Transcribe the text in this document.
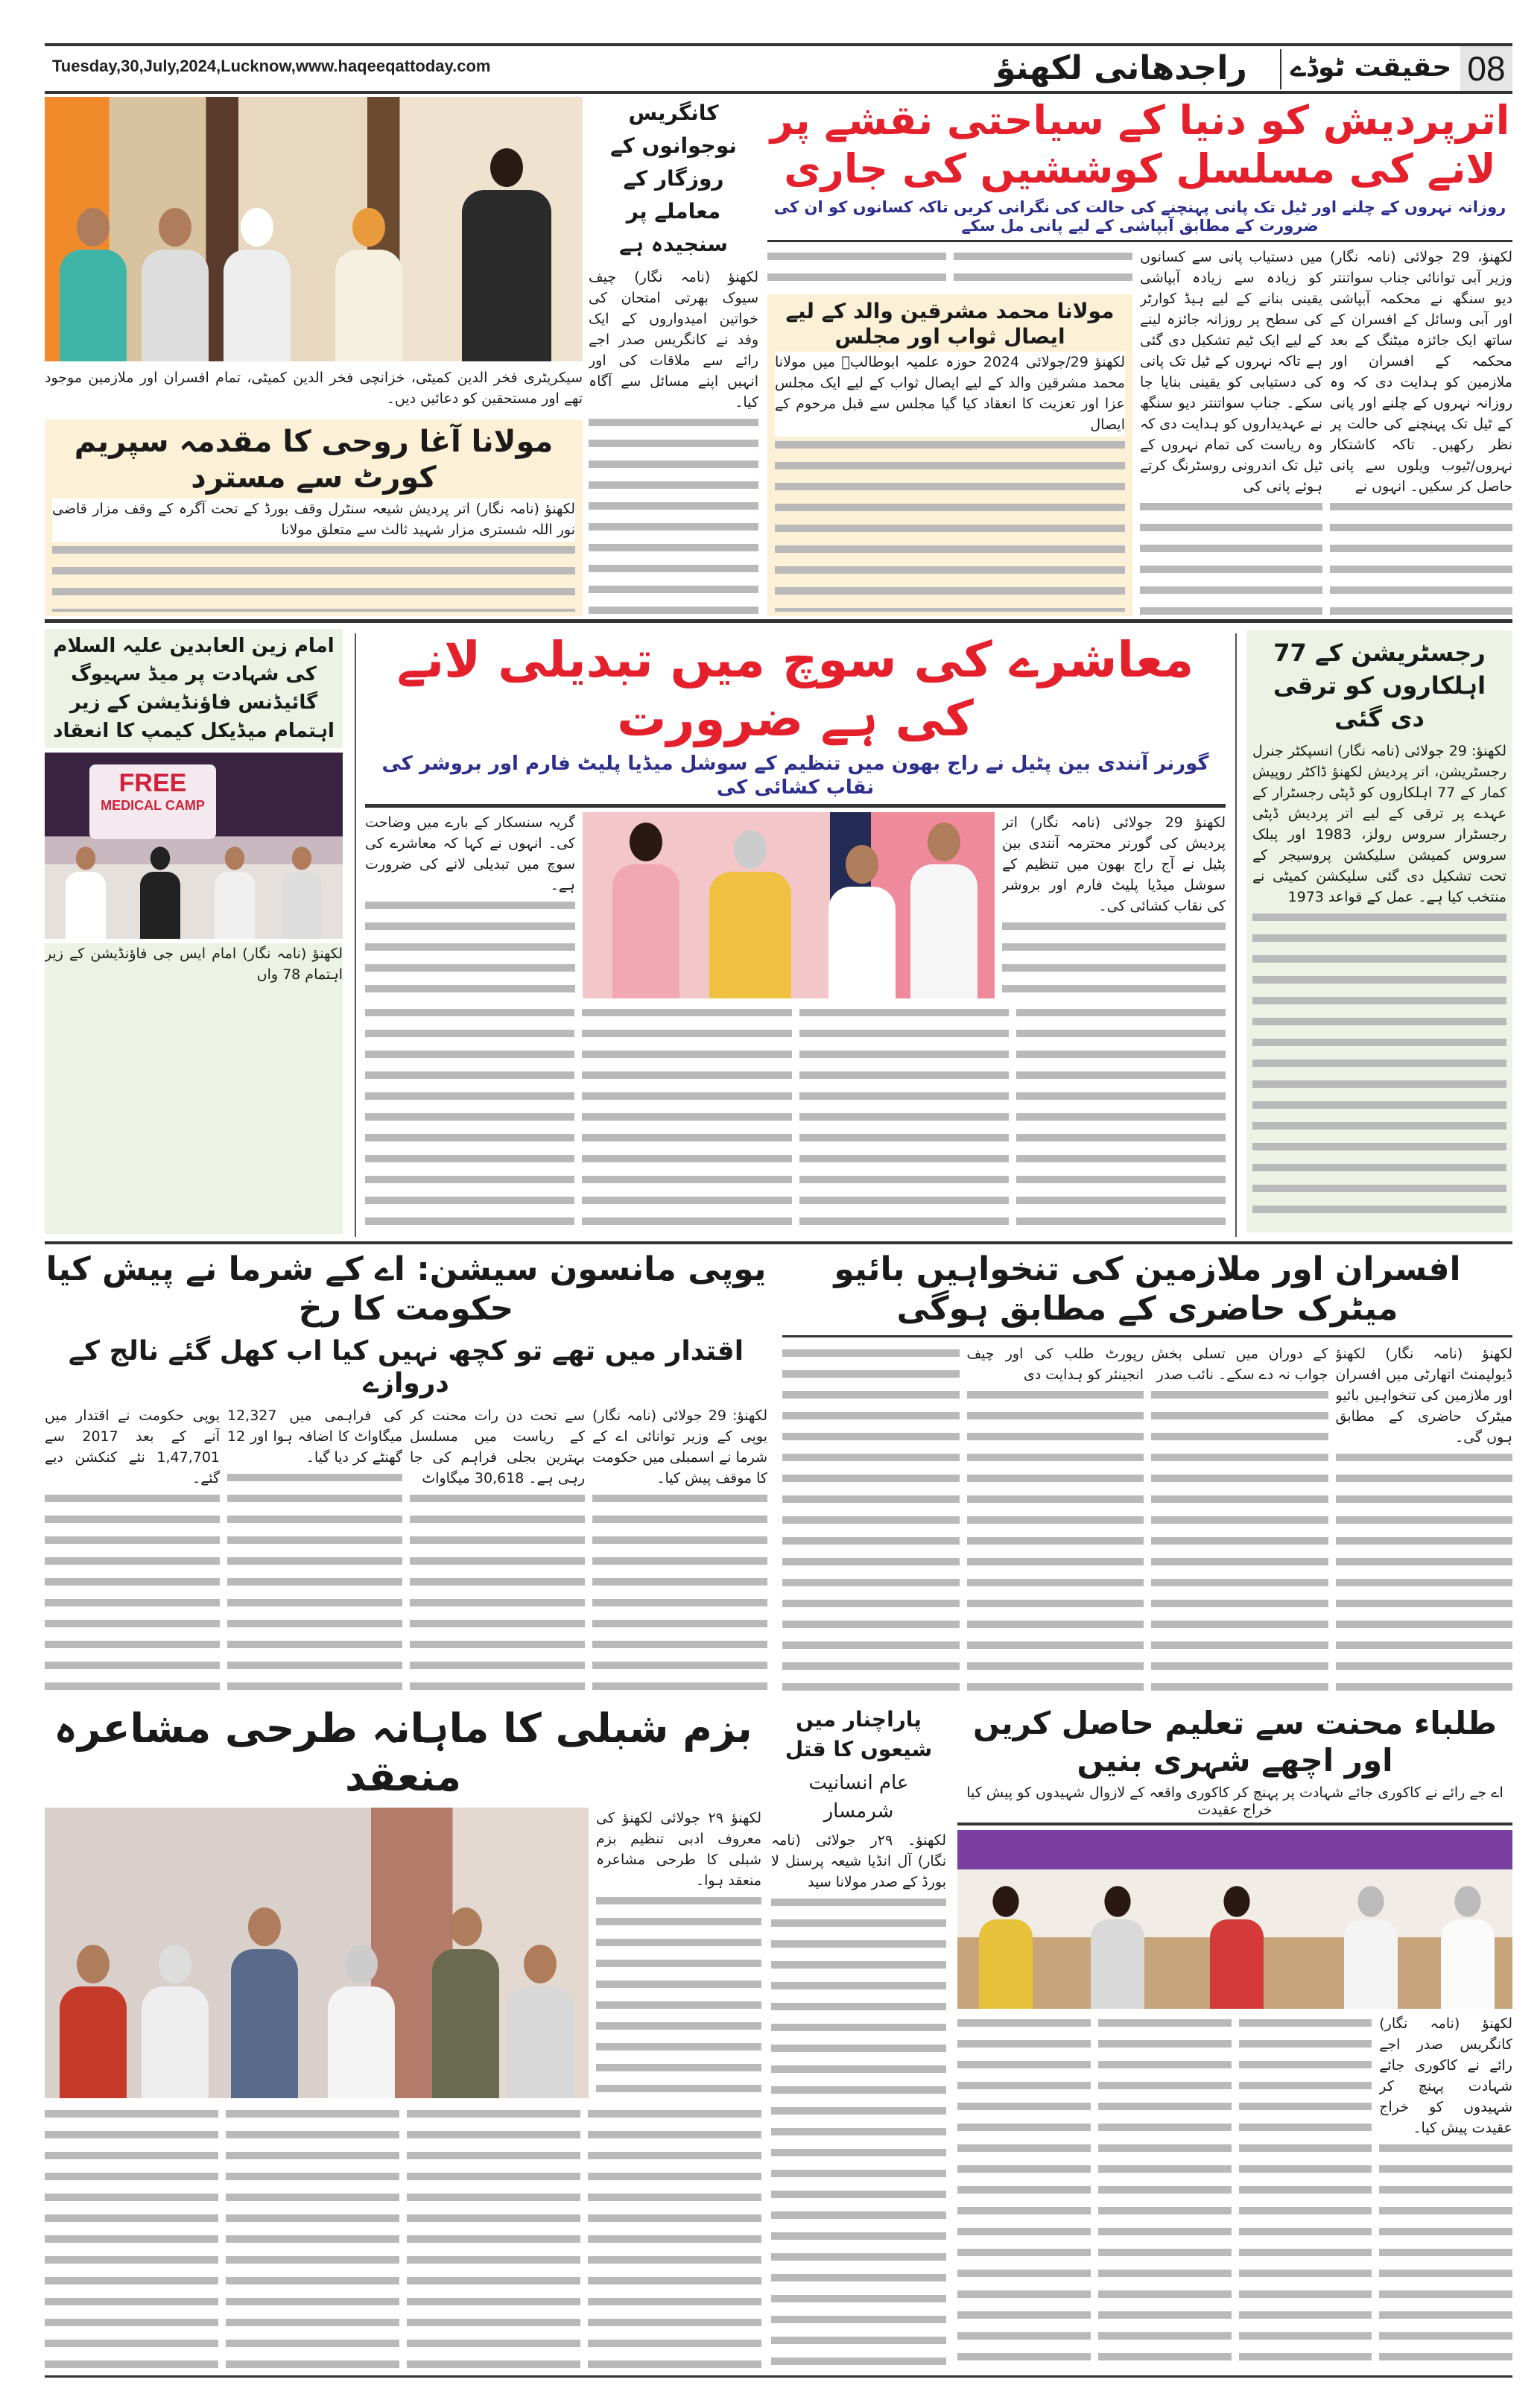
Tuesday,30,July,2024,Lucknow,www.haqeeqattoday.com	راجدھانی لکھنؤ	حقیقت ٹوڈے 08

سیکریٹری فخر الدین کمیٹی، خزانچی فخر الدین کمیٹی، تمام افسران اور ملازمین موجود تھے اور مستحقین کو دعائیں دیں۔

مولانا آغا روحی کا مقدمہ سپریم کورٹ سے مسترد

لکھنؤ (نامہ نگار) اتر پردیش شیعہ سنٹرل وقف بورڈ کے تحت آگرہ کے وقف مزار قاضی نور اللہ شستری مزار شہید ثالث سے متعلق مولانا

کانگریس نوجوانوں کے روزگار کے معاملے پر سنجیدہ ہے

لکھنؤ (نامہ نگار) چیف سیوک بھرتی امتحان کی خواتین امیدواروں کے ایک وفد نے کانگریس صدر اجے رائے سے ملاقات کی اور انہیں اپنے مسائل سے آگاہ کیا۔

اترپردیش کو دنیا کے سیاحتی نقشے پر لانے کی مسلسل کوششیں کی جاری
روزانہ نہروں کے چلنے اور ٹیل تک پانی پہنچنے کی حالت کی نگرانی کریں تاکہ کسانوں کو ان کی ضرورت کے مطابق آبپاشی کے لیے پانی مل سکے

لکھنؤ، 29 جولائی (نامہ نگار) وزیر آبی توانائی جناب سواتنتر دیو سنگھ نے محکمہ آبپاشی اور آبی وسائل کے افسران کے ساتھ ایک جائزہ میٹنگ کے بعد محکمہ کے افسران اور ملازمین کو ہدایت دی کہ وہ روزانہ نہروں کے چلنے اور پانی کے ٹیل تک پہنچنے کی حالت پر نظر رکھیں۔ تاکہ کاشتکار نہروں/ٹیوب ویلوں سے پانی حاصل کر سکیں۔ انہوں نے

میں دستیاب پانی سے کسانوں کو زیادہ سے زیادہ آبپاشی یقینی بنانے کے لیے ہیڈ کوارٹر کی سطح پر روزانہ جائزہ لینے کے لیے ایک ٹیم تشکیل دی گئی ہے تاکہ نہروں کے ٹیل تک پانی کی دستیابی کو یقینی بنایا جا سکے۔ جناب سواتنتر دیو سنگھ نے عہدیداروں کو ہدایت دی کہ وہ ریاست کی تمام نہروں کے ٹیل تک اندرونی روسٹرنگ کرتے ہوئے پانی کی

مولانا محمد مشرقین والد کے لیے ایصال ثواب اور مجلس

لکھنؤ 29/جولائی 2024 حوزہ علمیہ ابوطالبؑ میں مولانا محمد مشرقین والد کے لیے ایصال ثواب کے لیے ایک مجلس عزا اور تعزیت کا انعقاد کیا گیا مجلس سے قبل مرحوم کے ایصال

امام زین العابدین علیہ السلام کی شہادت پر میڈ سہیوگ گائیڈنس فاؤنڈیشن کے زیر اہتمام میڈیکل کیمپ کا انعقاد
FREE
MEDICAL CAMP

لکھنؤ (نامہ نگار) امام ایس جی فاؤنڈیشن کے زیر اہتمام 78 واں

معاشرے کی سوچ میں تبدیلی لانے کی ہے ضرورت
گورنر آنندی بین پٹیل نے راج بھون میں تنظیم کے سوشل میڈیا پلیٹ فارم اور بروشر کی نقاب کشائی کی

لکھنؤ 29 جولائی (نامہ نگار) اتر پردیش کی گورنر محترمہ آنندی بین پٹیل نے آج راج بھون میں تنظیم کے سوشل میڈیا پلیٹ فارم اور بروشر کی نقاب کشائی کی۔

گریہ سنسکار کے بارے میں وضاحت کی۔ انہوں نے کہا کہ معاشرے کی سوچ میں تبدیلی لانے کی ضرورت ہے۔

رجسٹریشن کے 77 اہلکاروں کو ترقی دی گئی

لکھنؤ: 29 جولائی (نامہ نگار) انسپکٹر جنرل رجسٹریشن، اتر پردیش لکھنؤ ڈاکٹر روپیش کمار کے 77 اہلکاروں کو ڈپٹی رجسٹرار کے عہدے پر ترقی کے لیے اتر پردیش ڈپٹی رجسٹرار سروس رولز، 1983 اور پبلک سروس کمیشن سلیکشن پروسیجر کے تحت تشکیل دی گئی سلیکشن کمیٹی نے منتخب کیا ہے۔ عمل کے قواعد 1973

افسران اور ملازمین کی تنخواہیں بائیو میٹرک حاضری کے مطابق ہوگی

لکھنؤ (نامہ نگار) لکھنؤ ڈیولپمنٹ اتھارٹی میں افسران اور ملازمین کی تنخواہیں بائیو میٹرک حاضری کے مطابق ہوں گی۔

کے دوران میں تسلی بخش جواب نہ دے سکے۔ نائب صدر

رپورٹ طلب کی اور چیف انجینئر کو ہدایت دی

یوپی مانسون سیشن: اے کے شرما نے پیش کیا حکومت کا رخ
اقتدار میں تھے تو کچھ نہیں کیا اب کھل گئے نالج کے دروازے

لکھنؤ: 29 جولائی (نامہ نگار) یوپی کے وزیر توانائی اے کے شرما نے اسمبلی میں حکومت کا موقف پیش کیا۔

سے تحت دن رات محنت کر کے ریاست میں مسلسل بہترین بجلی فراہم کی جا رہی ہے۔ 30,618 میگاواٹ

کی فراہمی میں 12,327 میگاواٹ کا اضافہ ہوا اور 12 گھنٹے کر دیا گیا۔

یوپی حکومت نے اقتدار میں آنے کے بعد 2017 سے 1,47,701 نئے کنکشن دیے گئے۔

بزم شبلی کا ماہانہ طرحی مشاعرہ منعقد

لکھنؤ ۲۹ جولائی لکھنؤ کی معروف ادبی تنظیم بزم شبلی کا طرحی مشاعرہ منعقد ہوا۔

پاراچنار میں شیعوں کا قتل
عام انسانیت شرمسار

لکھنؤ۔ ۲۹ر جولائی (نامہ نگار) آل انڈیا شیعہ پرسنل لا بورڈ کے صدر مولانا سید

طلباء محنت سے تعلیم حاصل کریں اور اچھے شہری بنیں
اے جے رائے نے کاکوری جائے شہادت پر پہنچ کر کاکوری واقعہ کے لازوال شہیدوں کو پیش کیا خراج عقیدت

لکھنؤ (نامہ نگار) کانگریس صدر اجے رائے نے کاکوری جائے شہادت پہنچ کر شہیدوں کو خراج عقیدت پیش کیا۔
